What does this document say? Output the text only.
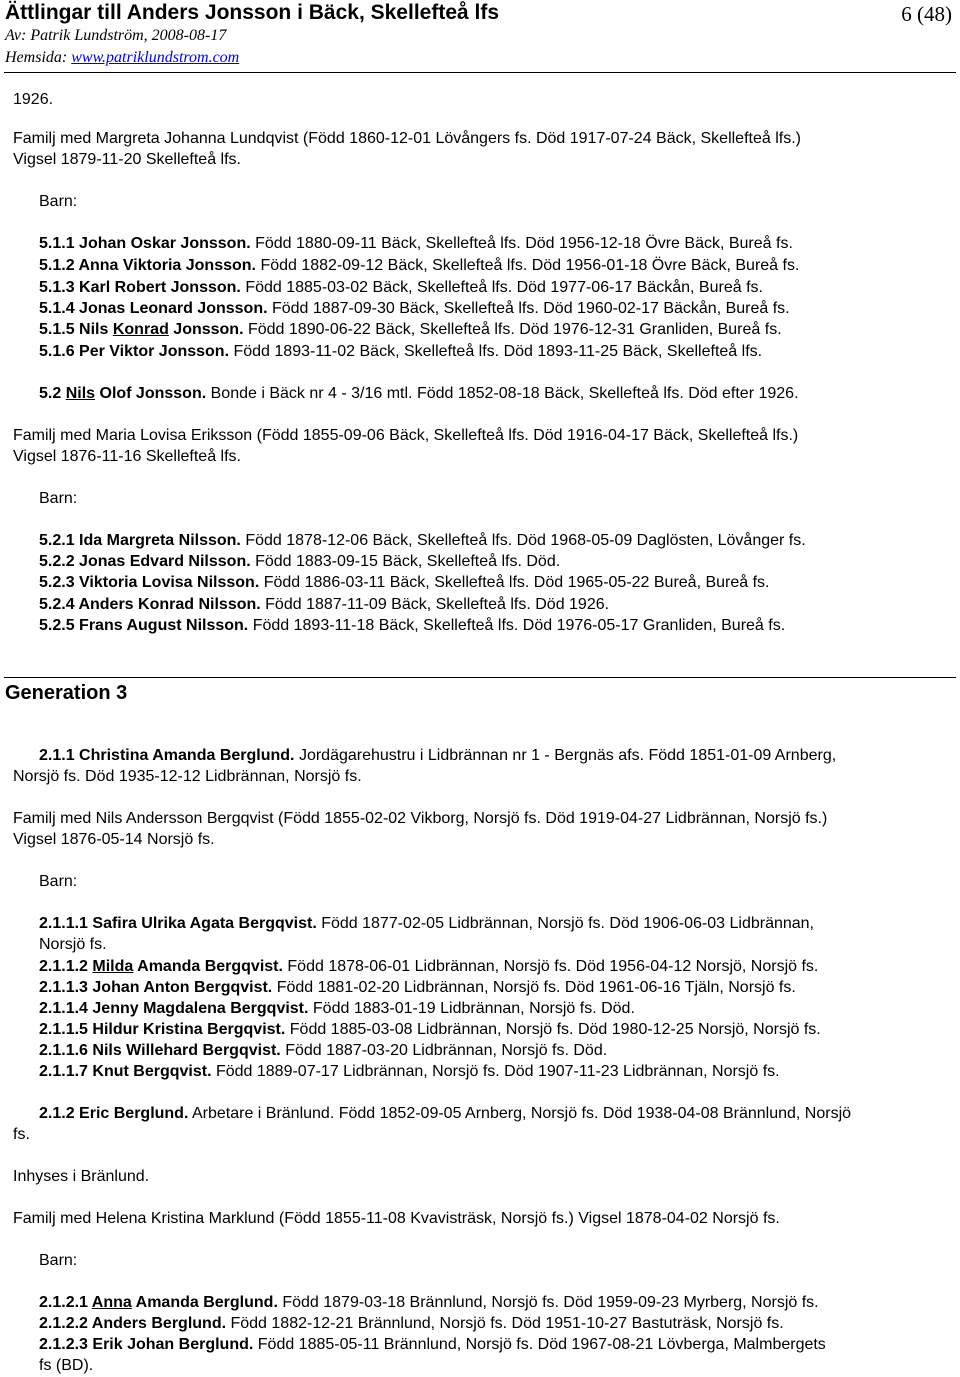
Ättlingar till Anders Jonsson i Bäck, Skellefteå lfs	6 (48)
Av: Patrik Lundström, 2008-08-17
Hemsida: www.patriklundstrom.com

1926.

Familj med Margreta Johanna Lundqvist (Född 1860-12-01 Lövångers fs. Död 1917-07-24 Bäck, Skellefteå lfs.)

Vigsel 1879-11-20 Skellefteå lfs.

Barn:

5.1.1 Johan Oskar Jonsson. Född 1880-09-11 Bäck, Skellefteå lfs. Död 1956-12-18 Övre Bäck, Bureå fs.

5.1.2 Anna Viktoria Jonsson. Född 1882-09-12 Bäck, Skellefteå lfs. Död 1956-01-18 Övre Bäck, Bureå fs.

5.1.3 Karl Robert Jonsson. Född 1885-03-02 Bäck, Skellefteå lfs. Död 1977-06-17 Bäckån, Bureå fs.

5.1.4 Jonas Leonard Jonsson. Född 1887-09-30 Bäck, Skellefteå lfs. Död 1960-02-17 Bäckån, Bureå fs.

5.1.5 Nils Konrad Jonsson. Född 1890-06-22 Bäck, Skellefteå lfs. Död 1976-12-31 Granliden, Bureå fs.

5.1.6 Per Viktor Jonsson. Född 1893-11-02 Bäck, Skellefteå lfs. Död 1893-11-25 Bäck, Skellefteå lfs.

5.2 Nils Olof Jonsson. Bonde i Bäck nr 4 - 3/16 mtl. Född 1852-08-18 Bäck, Skellefteå lfs. Död efter 1926.

Familj med Maria Lovisa Eriksson (Född 1855-09-06 Bäck, Skellefteå lfs. Död 1916-04-17 Bäck, Skellefteå lfs.)

Vigsel 1876-11-16 Skellefteå lfs.

Barn:

5.2.1 Ida Margreta Nilsson. Född 1878-12-06 Bäck, Skellefteå lfs. Död 1968-05-09 Daglösten, Lövånger fs.

5.2.2 Jonas Edvard Nilsson. Född 1883-09-15 Bäck, Skellefteå lfs. Död.

5.2.3 Viktoria Lovisa Nilsson. Född 1886-03-11 Bäck, Skellefteå lfs. Död 1965-05-22 Bureå, Bureå fs.

5.2.4 Anders Konrad Nilsson. Född 1887-11-09 Bäck, Skellefteå lfs. Död 1926.

5.2.5 Frans August Nilsson. Född 1893-11-18 Bäck, Skellefteå lfs. Död 1976-05-17 Granliden, Bureå fs.

Generation 3

2.1.1 Christina Amanda Berglund. Jordägarehustru i Lidbrännan nr 1 - Bergnäs afs. Född 1851-01-09 Arnberg,

Norsjö fs. Död 1935-12-12 Lidbrännan, Norsjö fs.

Familj med Nils Andersson Bergqvist (Född 1855-02-02 Vikborg, Norsjö fs. Död 1919-04-27 Lidbrännan, Norsjö fs.)

Vigsel 1876-05-14 Norsjö fs.

Barn:

2.1.1.1 Safira Ulrika Agata Bergqvist. Född 1877-02-05 Lidbrännan, Norsjö fs. Död 1906-06-03 Lidbrännan,

Norsjö fs.

2.1.1.2 Milda Amanda Bergqvist. Född 1878-06-01 Lidbrännan, Norsjö fs. Död 1956-04-12 Norsjö, Norsjö fs.

2.1.1.3 Johan Anton Bergqvist. Född 1881-02-20 Lidbrännan, Norsjö fs. Död 1961-06-16 Tjäln, Norsjö fs.

2.1.1.4 Jenny Magdalena Bergqvist. Född 1883-01-19 Lidbrännan, Norsjö fs. Död.

2.1.1.5 Hildur Kristina Bergqvist. Född 1885-03-08 Lidbrännan, Norsjö fs. Död 1980-12-25 Norsjö, Norsjö fs.

2.1.1.6 Nils Willehard Bergqvist. Född 1887-03-20 Lidbrännan, Norsjö fs. Död.

2.1.1.7 Knut Bergqvist. Född 1889-07-17 Lidbrännan, Norsjö fs. Död 1907-11-23 Lidbrännan, Norsjö fs.

2.1.2 Eric Berglund. Arbetare i Bränlund. Född 1852-09-05 Arnberg, Norsjö fs. Död 1938-04-08 Brännlund, Norsjö

fs.

Inhyses i Bränlund.

Familj med Helena Kristina Marklund (Född 1855-11-08 Kvavisträsk, Norsjö fs.) Vigsel 1878-04-02 Norsjö fs.

Barn:

2.1.2.1 Anna Amanda Berglund. Född 1879-03-18 Brännlund, Norsjö fs. Död 1959-09-23 Myrberg, Norsjö fs.

2.1.2.2 Anders Berglund. Född 1882-12-21 Brännlund, Norsjö fs. Död 1951-10-27 Bastuträsk, Norsjö fs.

2.1.2.3 Erik Johan Berglund. Född 1885-05-11 Brännlund, Norsjö fs. Död 1967-08-21 Lövberga, Malmbergets

fs (BD).
